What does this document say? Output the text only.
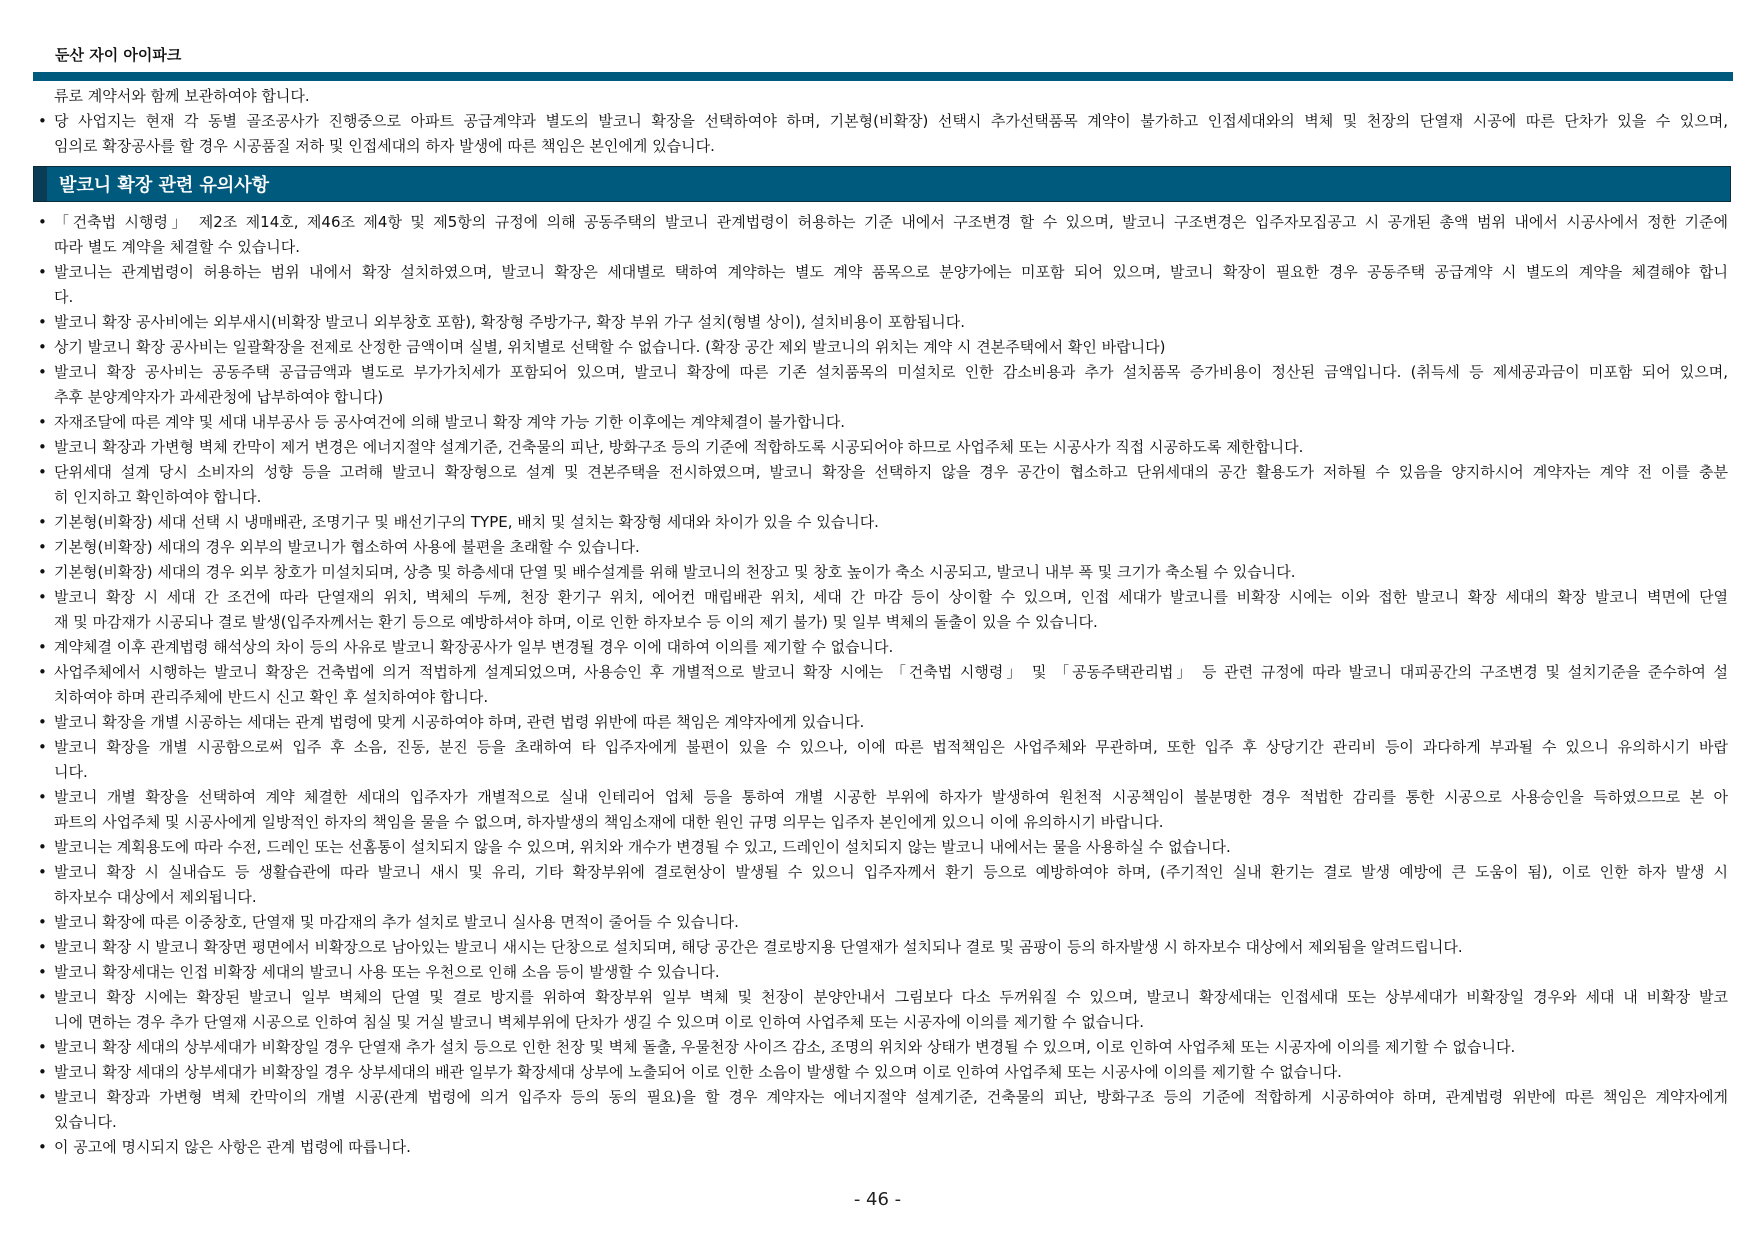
둔산 자이 아이파크
류로 계약서와 함께 보관하여야 합니다.
• 당 사업지는 현재 각 동별 골조공사가 진행중으로 아파트 공급계약과 별도의 발코니 확장을 선택하여야 하며, 기본형(비확장) 선택시 추가선택품목 계약이 불가하고 인접세대와의 벽체 및 천장의 단열재 시공에 따른 단차가 있을 수 있으며,
임의로 확장공사를 할 경우 시공품질 저하 및 인접세대의 하자 발생에 따른 책임은 본인에게 있습니다.
발코니 확장 관련 유의사항
• 「건축법 시행령」 제2조 제14호, 제46조 제4항 및 제5항의 규정에 의해 공동주택의 발코니 관계법령이 허용하는 기준 내에서 구조변경 할 수 있으며, 발코니 구조변경은 입주자모집공고 시 공개된 총액 범위 내에서 시공사에서 정한 기준에
따라 별도 계약을 체결할 수 있습니다.
• 발코니는 관계법령이 허용하는 범위 내에서 확장 설치하였으며, 발코니 확장은 세대별로 택하여 계약하는 별도 계약 품목으로 분양가에는 미포함 되어 있으며, 발코니 확장이 필요한 경우 공동주택 공급계약 시 별도의 계약을 체결해야 합니
다.
• 발코니 확장 공사비에는 외부새시(비확장 발코니 외부창호 포함), 확장형 주방가구, 확장 부위 가구 설치(형별 상이), 설치비용이 포함됩니다.
• 상기 발코니 확장 공사비는 일괄확장을 전제로 산정한 금액이며 실별, 위치별로 선택할 수 없습니다. (확장 공간 제외 발코니의 위치는 계약 시 견본주택에서 확인 바랍니다)
• 발코니 확장 공사비는 공동주택 공급금액과 별도로 부가가치세가 포함되어 있으며, 발코니 확장에 따른 기존 설치품목의 미설치로 인한 감소비용과 추가 설치품목 증가비용이 정산된 금액입니다. (취득세 등 제세공과금이 미포함 되어 있으며,
추후 분양계약자가 과세관청에 납부하여야 합니다)
• 자재조달에 따른 계약 및 세대 내부공사 등 공사여건에 의해 발코니 확장 계약 가능 기한 이후에는 계약체결이 불가합니다.
• 발코니 확장과 가변형 벽체 칸막이 제거 변경은 에너지절약 설계기준, 건축물의 피난, 방화구조 등의 기준에 적합하도록 시공되어야 하므로 사업주체 또는 시공사가 직접 시공하도록 제한합니다.
• 단위세대 설계 당시 소비자의 성향 등을 고려해 발코니 확장형으로 설계 및 견본주택을 전시하였으며, 발코니 확장을 선택하지 않을 경우 공간이 협소하고 단위세대의 공간 활용도가 저하될 수 있음을 양지하시어 계약자는 계약 전 이를 충분
히 인지하고 확인하여야 합니다.
• 기본형(비확장) 세대 선택 시 냉매배관, 조명기구 및 배선기구의 TYPE, 배치 및 설치는 확장형 세대와 차이가 있을 수 있습니다.
• 기본형(비확장) 세대의 경우 외부의 발코니가 협소하여 사용에 불편을 초래할 수 있습니다.
• 기본형(비확장) 세대의 경우 외부 창호가 미설치되며, 상층 및 하층세대 단열 및 배수설계를 위해 발코니의 천장고 및 창호 높이가 축소 시공되고, 발코니 내부 폭 및 크기가 축소될 수 있습니다.
• 발코니 확장 시 세대 간 조건에 따라 단열재의 위치, 벽체의 두께, 천장 환기구 위치, 에어컨 매립배관 위치, 세대 간 마감 등이 상이할 수 있으며, 인접 세대가 발코니를 비확장 시에는 이와 접한 발코니 확장 세대의 확장 발코니 벽면에 단열
재 및 마감재가 시공되나 결로 발생(입주자께서는 환기 등으로 예방하셔야 하며, 이로 인한 하자보수 등 이의 제기 불가) 및 일부 벽체의 돌출이 있을 수 있습니다.
• 계약체결 이후 관계법령 해석상의 차이 등의 사유로 발코니 확장공사가 일부 변경될 경우 이에 대하여 이의를 제기할 수 없습니다.
• 사업주체에서 시행하는 발코니 확장은 건축법에 의거 적법하게 설계되었으며, 사용승인 후 개별적으로 발코니 확장 시에는 「건축법 시행령」 및 「공동주택관리법」 등 관련 규정에 따라 발코니 대피공간의 구조변경 및 설치기준을 준수하여 설
치하여야 하며 관리주체에 반드시 신고 확인 후 설치하여야 합니다.
• 발코니 확장을 개별 시공하는 세대는 관계 법령에 맞게 시공하여야 하며, 관련 법령 위반에 따른 책임은 계약자에게 있습니다.
• 발코니 확장을 개별 시공함으로써 입주 후 소음, 진동, 분진 등을 초래하여 타 입주자에게 불편이 있을 수 있으나, 이에 따른 법적책임은 사업주체와 무관하며, 또한 입주 후 상당기간 관리비 등이 과다하게 부과될 수 있으니 유의하시기 바랍
니다.
• 발코니 개별 확장을 선택하여 계약 체결한 세대의 입주자가 개별적으로 실내 인테리어 업체 등을 통하여 개별 시공한 부위에 하자가 발생하여 원천적 시공책임이 불분명한 경우 적법한 감리를 통한 시공으로 사용승인을 득하였으므로 본 아
파트의 사업주체 및 시공사에게 일방적인 하자의 책임을 물을 수 없으며, 하자발생의 책임소재에 대한 원인 규명 의무는 입주자 본인에게 있으니 이에 유의하시기 바랍니다.
• 발코니는 계획용도에 따라 수전, 드레인 또는 선홈통이 설치되지 않을 수 있으며, 위치와 개수가 변경될 수 있고, 드레인이 설치되지 않는 발코니 내에서는 물을 사용하실 수 없습니다.
• 발코니 확장 시 실내습도 등 생활습관에 따라 발코니 새시 및 유리, 기타 확장부위에 결로현상이 발생될 수 있으니 입주자께서 환기 등으로 예방하여야 하며, (주기적인 실내 환기는 결로 발생 예방에 큰 도움이 됨), 이로 인한 하자 발생 시
하자보수 대상에서 제외됩니다.
• 발코니 확장에 따른 이중창호, 단열재 및 마감재의 추가 설치로 발코니 실사용 면적이 줄어들 수 있습니다.
• 발코니 확장 시 발코니 확장면 평면에서 비확장으로 남아있는 발코니 새시는 단창으로 설치되며, 해당 공간은 결로방지용 단열재가 설치되나 결로 및 곰팡이 등의 하자발생 시 하자보수 대상에서 제외됨을 알려드립니다.
• 발코니 확장세대는 인접 비확장 세대의 발코니 사용 또는 우천으로 인해 소음 등이 발생할 수 있습니다.
• 발코니 확장 시에는 확장된 발코니 일부 벽체의 단열 및 결로 방지를 위하여 확장부위 일부 벽체 및 천장이 분양안내서 그림보다 다소 두꺼워질 수 있으며, 발코니 확장세대는 인접세대 또는 상부세대가 비확장일 경우와 세대 내 비확장 발코
니에 면하는 경우 추가 단열재 시공으로 인하여 침실 및 거실 발코니 벽체부위에 단차가 생길 수 있으며 이로 인하여 사업주체 또는 시공자에 이의를 제기할 수 없습니다.
• 발코니 확장 세대의 상부세대가 비확장일 경우 단열재 추가 설치 등으로 인한 천장 및 벽체 돌출, 우물천장 사이즈 감소, 조명의 위치와 상태가 변경될 수 있으며, 이로 인하여 사업주체 또는 시공자에 이의를 제기할 수 없습니다.
• 발코니 확장 세대의 상부세대가 비확장일 경우 상부세대의 배관 일부가 확장세대 상부에 노출되어 이로 인한 소음이 발생할 수 있으며 이로 인하여 사업주체 또는 시공사에 이의를 제기할 수 없습니다.
• 발코니 확장과 가변형 벽체 칸막이의 개별 시공(관계 법령에 의거 입주자 등의 동의 필요)을 할 경우 계약자는 에너지절약 설계기준, 건축물의 피난, 방화구조 등의 기준에 적합하게 시공하여야 하며, 관계법령 위반에 따른 책임은 계약자에게
있습니다.
• 이 공고에 명시되지 않은 사항은 관계 법령에 따릅니다.
- 46 -
